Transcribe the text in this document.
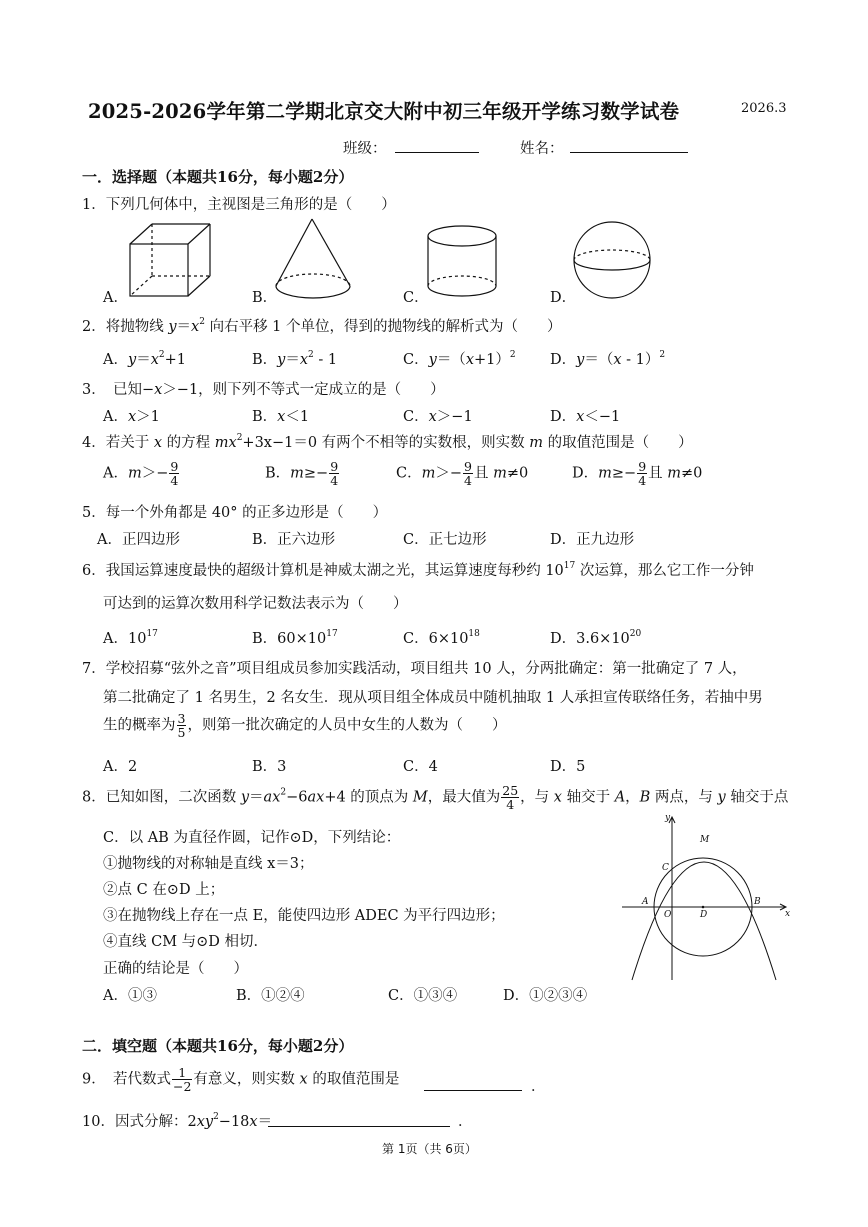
2025-2026学年第二学期北京交大附中初三年级开学练习数学试卷	2026.3
班级：	姓名：
一．选择题（本题共16分，每小题2分）
1．下列几何体中，主视图是三角形的是（　　）
A．	B．	C．	D．
2．将抛物线 $y=x^2$ 向右平移 1 个单位，得到的抛物线的解析式为（　　）
A．$y=x^2+1$	B．$y=x^2 - 1$	C．$y=(x+1)^2$ D．y＝（x - 1）$^2$
3．　已知−x＞−1，则下列不等式一定成立的是（　　）
A．x＞1	B．x＜1	C．x＞−1	D．x＜−1
4．若关于 x 的方程 $mx^2+3x-1=0$ 有两个不相等的实数根，则实数 m 的取值范围是（　　）
A．$m>- \frac{9}{4}$	B．$m\ge- \frac{9}{4}$	C．$m>- \frac{9}{4}$ 且 m≠0	D．$m\ge- \frac{9}{4}$ 且 m≠0
5．每一个外角都是 40° 的正多边形是（　　）
A．正四边形	B．正六边形	C．正七边形	D．正九边形
6．我国运算速度最快的超级计算机是神威太湖之光，其运算速度每秒约 $10^{17}$ 次运算，那么它工作一分钟
可达到的运算次数用科学记数法表示为（　　）
A．$10^{17}$	B．$60\times 10^{17}$	C．$6\times 10^{18}$	D．$3.6\times 10^{20}$
7．学校招募“弦外之音”项目组成员参加实践活动，项目组共 10 人，分两批确定：第一批确定了 7 人，
第二批确定了 1 名男生，2 名女生．现从项目组全体成员中随机抽取 1 人承担宣传联络任务，若抽中男
生的概率为 $\frac{3}{5}$ ，则第一批次确定的人员中女生的人数为（　　）
A．2	B．3	C．4	D．5
8．已知如图，二次函数 $y=ax^2-6ax+4$ 的顶点为 M，最大值为 $\frac{25}{4}$ ，与 x 轴交于 A，B 两点，与 y 轴交于点
C．以 AB 为直径作圆，记作⊙D，下列结论：
①抛物线的对称轴是直线 x＝3；
②点 C 在⊙D 上；
③在抛物线上存在一点 E，能使四边形 ADEC 为平行四边形；
④直线 CM 与⊙D 相切．
正确的结论是（　　）
A．①③	B．①②④	C．①③④	D．①②③④
y
M
C
A
O	D
B
x
二．填空题（本题共16分，每小题2分）
9．　若代数式 $\frac{1}{-2}$ 有意义，则实数 x 的取值范围是	．
10．因式分解：$2xy^2-18x=$	．
第 1页（共 6页）
